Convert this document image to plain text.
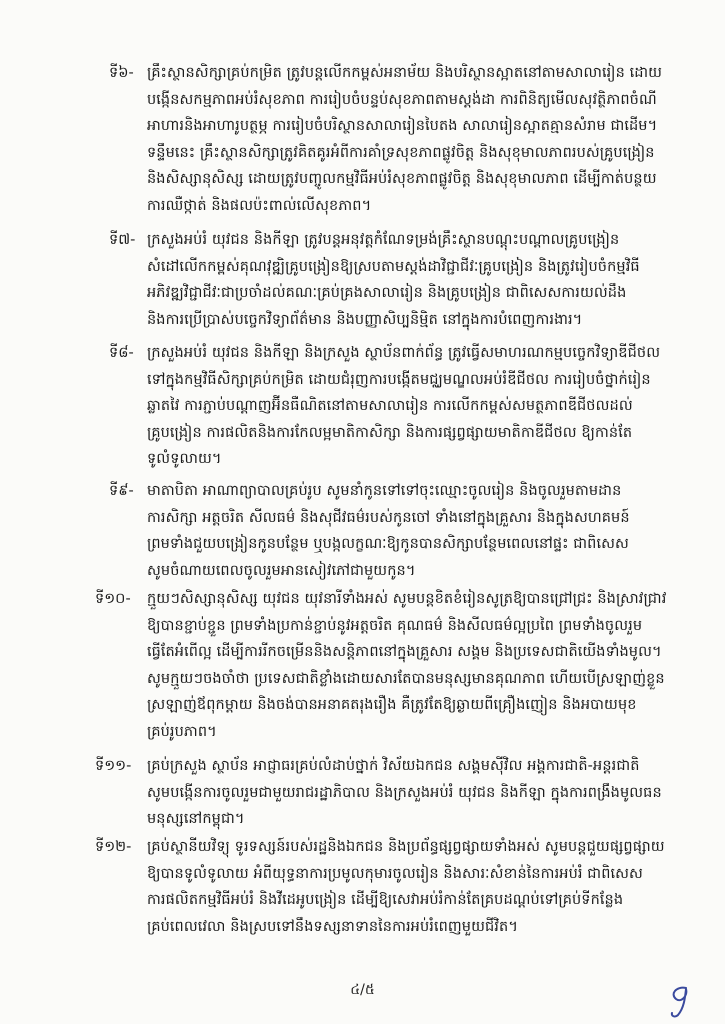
ទី៦- គ្រឹះស្ថានសិក្សាគ្រប់កម្រិត ត្រូវបន្តលើកកម្ពស់អនាម័យ និងបរិស្ថានស្អាតនៅតាមសាលារៀន ដោយ
បង្កើនសកម្មភាពអប់រំសុខភាព ការរៀបចំបន្ទប់សុខភាពតាមស្តង់ដា ការពិនិត្យមើលសុវត្ថិភាពចំណី
អាហារនិងអាហារូបត្ថម្ភ ការរៀបចំបរិស្ថានសាលារៀនបៃតង សាលារៀនស្អាតគ្មានសំរាម ជាដើម។
ទន្ទឹមនេះ គ្រឹះស្ថានសិក្សាត្រូវគិតគូរអំពីការគាំទ្រសុខភាពផ្លូវចិត្ត និងសុខុមាលភាពរបស់គ្រូបង្រៀន
និងសិស្សានុសិស្ស ដោយត្រូវបញ្ចូលកម្មវិធីអប់រំសុខភាពផ្លូវចិត្ត និងសុខុមាលភាព ដើម្បីកាត់បន្ថយ
ការឈឺថ្កាត់ និងផលប៉ះពាល់លើសុខភាព។
ទី៧- ក្រសួងអប់រំ យុវជន និងកីឡា ត្រូវបន្តអនុវត្តកំណែទម្រង់គ្រឹះស្ថានបណ្តុះបណ្តាលគ្រូបង្រៀន
សំដៅលើកកម្ពស់គុណវុឌ្ឍិគ្រូបង្រៀនឱ្យស្របតាមស្តង់ដាវិជ្ជាជីវៈគ្រូបង្រៀន និងត្រូវរៀបចំកម្មវិធី
អភិវឌ្ឍវិជ្ជាជីវៈជាប្រចាំដល់គណៈគ្រប់គ្រងសាលារៀន និងគ្រូបង្រៀន ជាពិសេសការយល់ដឹង
និងការប្រើប្រាស់បច្ចេកវិទ្យាព័ត៌មាន និងបញ្ញាសិប្បនិម្មិត នៅក្នុងការបំពេញការងារ។
ទី៨- ក្រសួងអប់រំ យុវជន និងកីឡា និងក្រសួង ស្ថាប័នពាក់ព័ន្ធ ត្រូវធ្វើសមាហរណកម្មបច្ចេកវិទ្យាឌីជីថល
ទៅក្នុងកម្មវិធីសិក្សាគ្រប់កម្រិត ដោយជំរុញការបង្កើតមជ្ឈមណ្ឌលអប់រំឌីជីថល ការរៀបចំថ្នាក់រៀន
ឆ្លាតវៃ ការភ្ជាប់បណ្តាញអ៊ីនធឺណិតនៅតាមសាលារៀន ការលើកកម្ពស់សមត្ថភាពឌីជីថលដល់
គ្រូបង្រៀន ការផលិតនិងការកែលម្អមាតិកាសិក្សា និងការផ្សព្វផ្សាយមាតិកាឌីជីថល ឱ្យកាន់តែ
ទូលំទូលាយ។
ទី៩- មាតាបិតា អាណាព្យាបាលគ្រប់រូប សូមនាំកូនទៅទៅចុះឈ្មោះចូលរៀន និងចូលរួមតាមដាន
ការសិក្សា អត្តចរិត សីលធម៌ និងសុជីវធម៌របស់កូនចៅ ទាំងនៅក្នុងគ្រួសារ និងក្នុងសហគមន៍
ព្រមទាំងជួយបង្រៀនកូនបន្ថែម ឬបង្កលក្ខណៈឱ្យកូនបានសិក្សាបន្ថែមពេលនៅផ្ទះ ជាពិសេស
សូមចំណាយពេលចូលរួមអានសៀវភៅជាមួយកូន។
ទី១០-	ក្មួយៗសិស្សានុសិស្ស យុវជន យុវនារីទាំងអស់ សូមបន្តខិតខំរៀនសូត្រឱ្យបានជ្រៅជ្រះ និងស្រាវជ្រាវ
ឱ្យបានខ្ជាប់ខ្ជួន ព្រមទាំងប្រកាន់ខ្ជាប់នូវអត្តចរិត គុណធម៌ និងសីលធម៌ល្អប្រពៃ ព្រមទាំងចូលរួម
ធ្វើតែអំពើល្អ ដើម្បីការរីកចម្រើននិងសន្តិភាពនៅក្នុងគ្រួសារ សង្គម និងប្រទេសជាតិយើងទាំងមូល។
សូមក្មួយៗចងចាំថា ប្រទេសជាតិខ្លាំងដោយសារតែបានមនុស្សមានគុណភាព ហើយបើស្រឡាញ់ខ្លួន
ស្រឡាញ់ឪពុកម្តាយ និងចង់បានអនាគតរុងរឿង គឺត្រូវតែឱ្យឆ្ងាយពីគ្រឿងញៀន និងអបាយមុខ
គ្រប់រូបភាព។
ទី១១-	គ្រប់ក្រសួង ស្ថាប័ន អាជ្ញាធរគ្រប់លំដាប់ថ្នាក់ វិស័យឯកជន សង្គមស៊ីវិល អង្គការជាតិ-អន្តរជាតិ
សូមបង្កើនការចូលរួមជាមួយរាជរដ្ឋាភិបាល និងក្រសួងអប់រំ យុវជន និងកីឡា ក្នុងការពង្រឹងមូលធន
មនុស្សនៅកម្ពុជា។
ទី១២-	គ្រប់ស្ថានីយវិទ្យុ ទូរទស្សន៍របស់រដ្ឋនិងឯកជន និងប្រព័ន្ធផ្សព្វផ្សាយទាំងអស់ សូមបន្តជួយផ្សព្វផ្សាយ
ឱ្យបានទូលំទូលាយ អំពីយុទ្ធនាការប្រមូលកុមារចូលរៀន និងសារៈសំខាន់នៃការអប់រំ ជាពិសេស
ការផលិតកម្មវិធីអប់រំ និងវីដេអូបង្រៀន ដើម្បីឱ្យសេវាអប់រំកាន់តែគ្របដណ្តប់ទៅគ្រប់ទីកន្លែង
គ្រប់ពេលវេលា និងស្របទៅនឹងទស្សនាទាននៃការអប់រំពេញមួយជីវិត។
៤/៥
